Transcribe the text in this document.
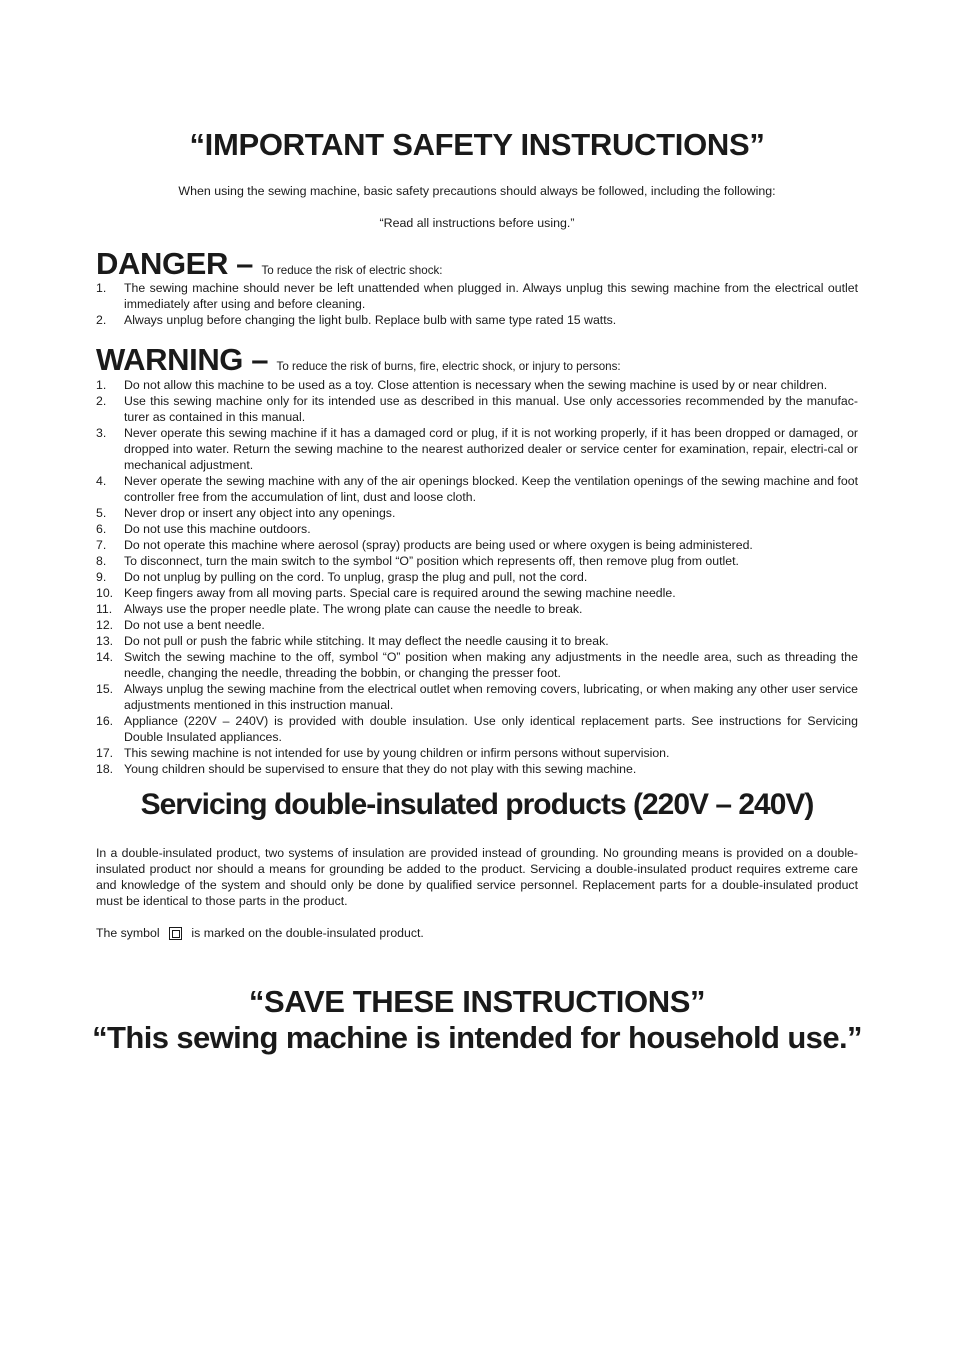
“IMPORTANT SAFETY INSTRUCTIONS”

When using the sewing machine, basic safety precautions should always be followed, including the following:

“Read all instructions before using.”

DANGER – To reduce the risk of electric shock:

1. The sewing machine should never be left unattended when plugged in. Always unplug this sewing machine from the electrical outlet immediately after using and before cleaning.
2. Always unplug before changing the light bulb. Replace bulb with same type rated 15 watts.

WARNING – To reduce the risk of burns, fire, electric shock, or injury to persons:

1. Do not allow this machine to be used as a toy. Close attention is necessary when the sewing machine is used by or near children.
2. Use this sewing machine only for its intended use as described in this manual. Use only accessories recommended by the manufac-turer as contained in this manual.
3. Never operate this sewing machine if it has a damaged cord or plug, if it is not working properly, if it has been dropped or damaged, or dropped into water. Return the sewing machine to the nearest authorized dealer or service center for examination, repair, electri-cal or mechanical adjustment.
4. Never operate the sewing machine with any of the air openings blocked. Keep the ventilation openings of the sewing machine and foot controller free from the accumulation of lint, dust and loose cloth.
5. Never drop or insert any object into any openings.
6. Do not use this machine outdoors.
7. Do not operate this machine where aerosol (spray) products are being used or where oxygen is being administered.
8. To disconnect, turn the main switch to the symbol “O” position which represents off, then remove plug from outlet.
9. Do not unplug by pulling on the cord. To unplug, grasp the plug and pull, not the cord.
10. Keep fingers away from all moving parts. Special care is required around the sewing machine needle.
11. Always use the proper needle plate. The wrong plate can cause the needle to break.
12. Do not use a bent needle.
13. Do not pull or push the fabric while stitching. It may deflect the needle causing it to break.
14. Switch the sewing machine to the off, symbol “O” position when making any adjustments in the needle area, such as threading the needle, changing the needle, threading the bobbin, or changing the presser foot.
15. Always unplug the sewing machine from the electrical outlet when removing covers, lubricating, or when making any other user service adjustments mentioned in this instruction manual.
16. Appliance (220V – 240V) is provided with double insulation. Use only identical replacement parts. See instructions for Servicing Double Insulated appliances.
17. This sewing machine is not intended for use by young children or infirm persons without supervision.
18. Young children should be supervised to ensure that they do not play with this sewing machine.
Servicing double-insulated products (220V – 240V)

In a double-insulated product, two systems of insulation are provided instead of grounding. No grounding means is provided on a double-insulated product nor should a means for grounding be added to the product. Servicing a double-insulated product requires extreme care and knowledge of the system and should only be done by qualified service personnel. Replacement parts for a double-insulated product must be identical to those parts in the product.

The symbol	is marked on the double-insulated product.

“SAVE THESE INSTRUCTIONS”
“This sewing machine is intended for household use.”
